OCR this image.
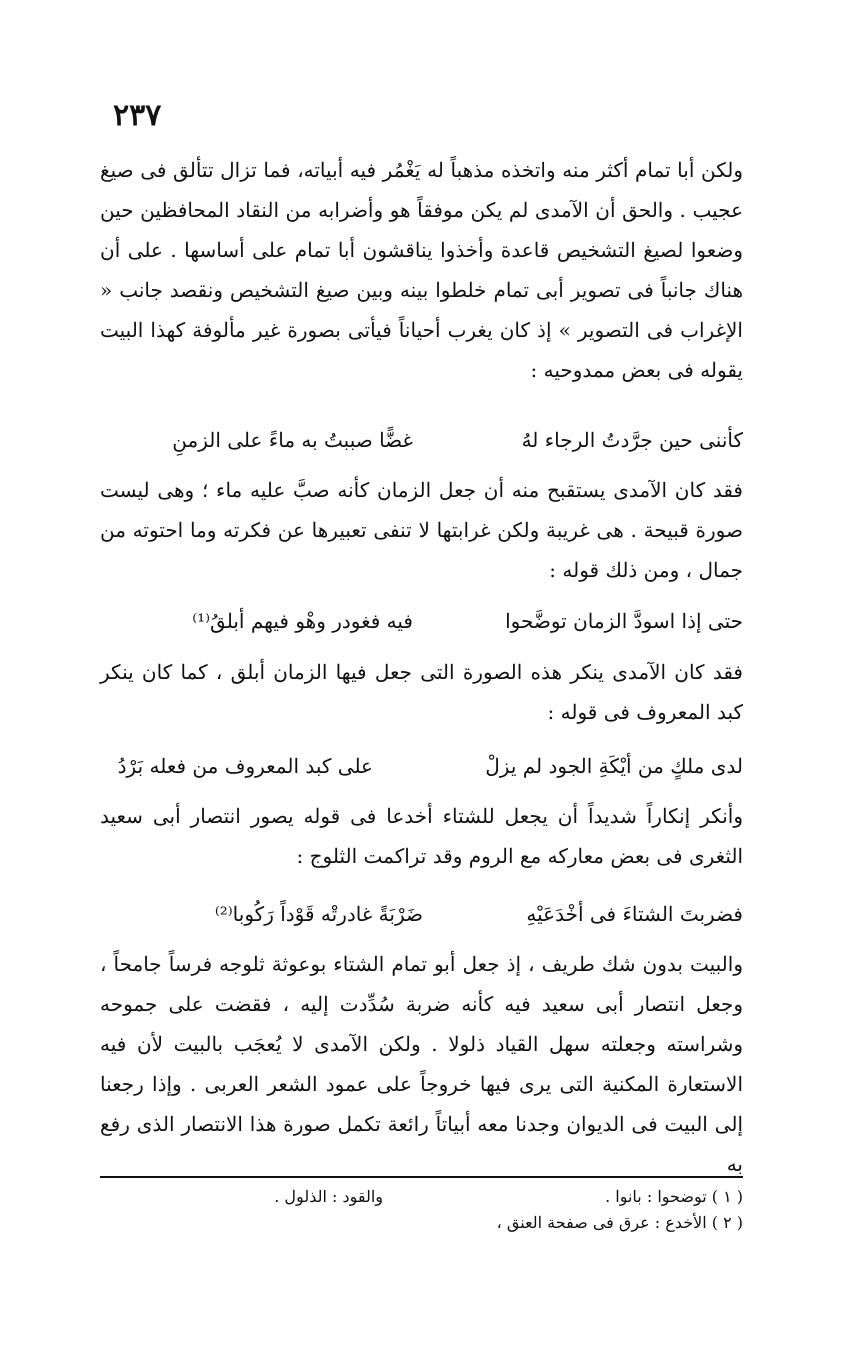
٢٣٧
ولكن أبا تمام أكثر منه واتخذه مذهباً له يَغْمُر فيه أبياته، فما تزال تتألق فى صيغ عجيب . والحق أن الآمدى لم يكن موفقاً هو وأضرابه من النقاد المحافظين حين وضعوا لصيغ التشخيص قاعدة وأخذوا يناقشون أبا تمام على أساسها . على أن هناك جانباً فى تصوير أبى تمام خلطوا بينه وبين صيغ التشخيص ونقصد جانب « الإغراب فى التصوير » إذ كان يغرب أحياناً فيأتى بصورة غير مألوفة كهذا البيت يقوله فى بعض ممدوحيه :
كأننى حين جرَّدتُ الرجاء لهُ
غضًّا صببتُ به ماءً على الزمنِ
فقد كان الآمدى يستقبح منه أن جعل الزمان كأنه صبَّ عليه ماء ؛ وهى ليست صورة قبيحة . هى غريبة ولكن غرابتها لا تنفى تعبيرها عن فكرته وما احتوته من جمال ، ومن ذلك قوله :
حتى إذا اسودَّ الزمان توضَّحوا
فيه فغودر وهْو فيهم أبلقُ⁽¹⁾
فقد كان الآمدى ينكر هذه الصورة التى جعل فيها الزمان أبلق ، كما كان ينكر كبد المعروف فى قوله :
لدى ملكٍ من أيْكَةِ الجود لم يزلْ
على كبد المعروف من فعله بَرْدُ
وأنكر إنكاراً شديداً أن يجعل للشتاء أخدعا فى قوله يصور انتصار أبى سعيد الثغرى فى بعض معاركه مع الروم وقد تراكمت الثلوج :
فضربتَ الشتاءَ فى أخْدَعَيْهِ
ضَرْبَةً غادرتْه قَوْداً رَكُوبا⁽²⁾
والبيت بدون شك طريف ، إذ جعل أبو تمام الشتاء بوعوثة ثلوجه فرساً جامحاً ، وجعل انتصار أبى سعيد فيه كأنه ضربة سُدِّدت إليه ، فقضت على جموحه وشراسته وجعلته سهل القياد ذلولا . ولكن الآمدى لا يُعجَب بالبيت لأن فيه الاستعارة المكنية التى يرى فيها خروجاً على عمود الشعر العربى . وإذا رجعنا إلى البيت فى الديوان وجدنا معه أبياتاً رائعة تكمل صورة هذا الانتصار الذى رفع به
( ١ ) توضحوا : بانوا .
والقود : الذلول .
( ٢ ) الأخدع : عرق فى صفحة العنق ،
